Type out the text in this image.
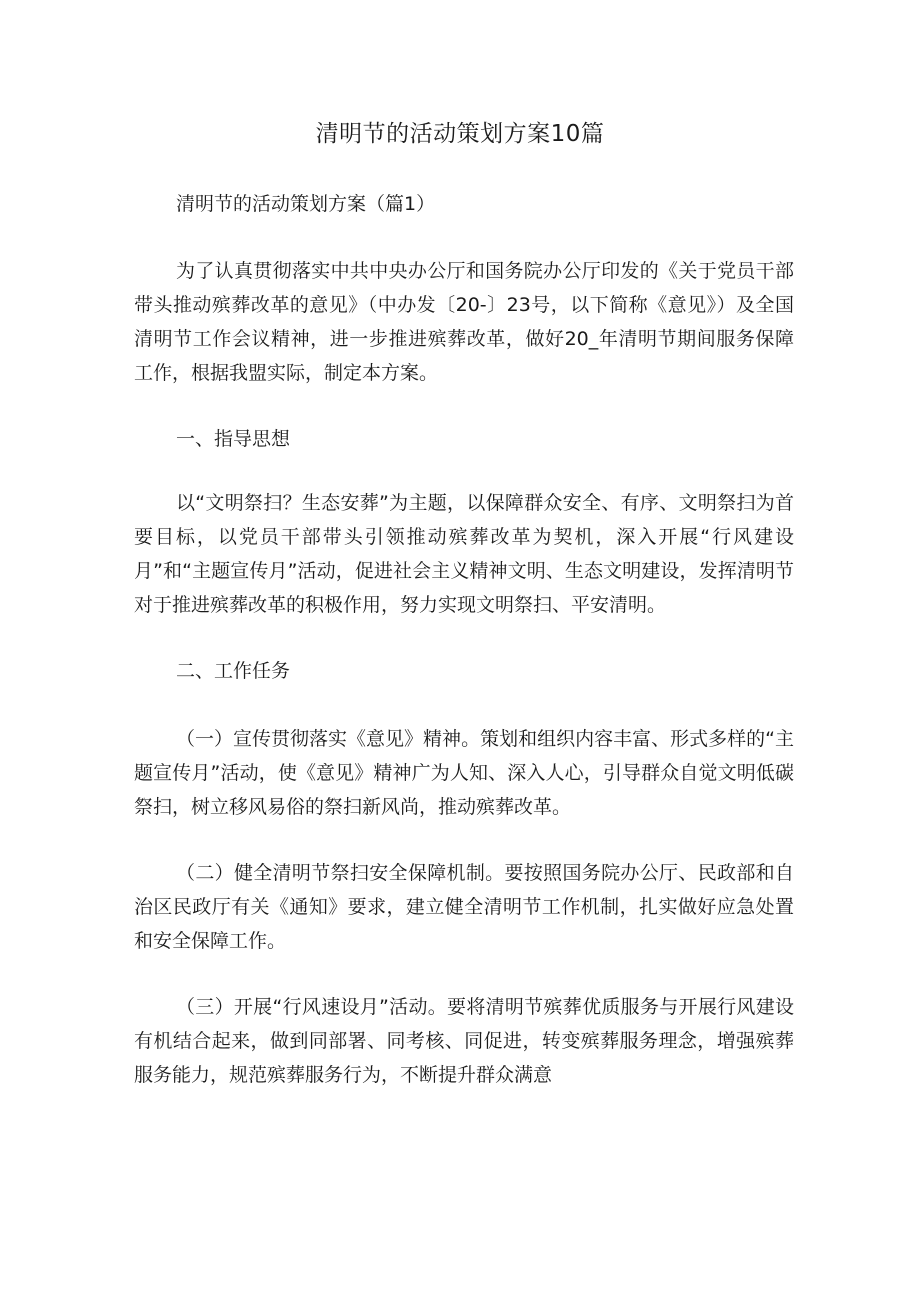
清明节的活动策划方案10篇
清明节的活动策划方案（篇1）

为了认真贯彻落实中共中央办公厅和国务院办公厅印发的《关于党员干部带头推动殡葬改革的意见》（中办发〔20-〕23号，以下简称《意见》）及全国清明节工作会议精神，进一步推进殡葬改革，做好20_年清明节期间服务保障工作，根据我盟实际，制定本方案。

一、指导思想

以“文明祭扫？生态安葬”为主题，以保障群众安全、有序、文明祭扫为首要目标，以党员干部带头引领推动殡葬改革为契机，深入开展“行风建设月”和“主题宣传月”活动，促进社会主义精神文明、生态文明建设，发挥清明节对于推进殡葬改革的积极作用，努力实现文明祭扫、平安清明。

二、工作任务

（一）宣传贯彻落实《意见》精神。策划和组织内容丰富、形式多样的“主题宣传月”活动，使《意见》精神广为人知、深入人心，引导群众自觉文明低碳祭扫，树立移风易俗的祭扫新风尚，推动殡葬改革。

（二）健全清明节祭扫安全保障机制。要按照国务院办公厅、民政部和自治区民政厅有关《通知》要求，建立健全清明节工作机制，扎实做好应急处置和安全保障工作。

（三）开展“行风速设月”活动。要将清明节殡葬优质服务与开展行风建设有机结合起来，做到同部署、同考核、同促进，转变殡葬服务理念，增强殡葬服务能力，规范殡葬服务行为，不断提升群众满意
